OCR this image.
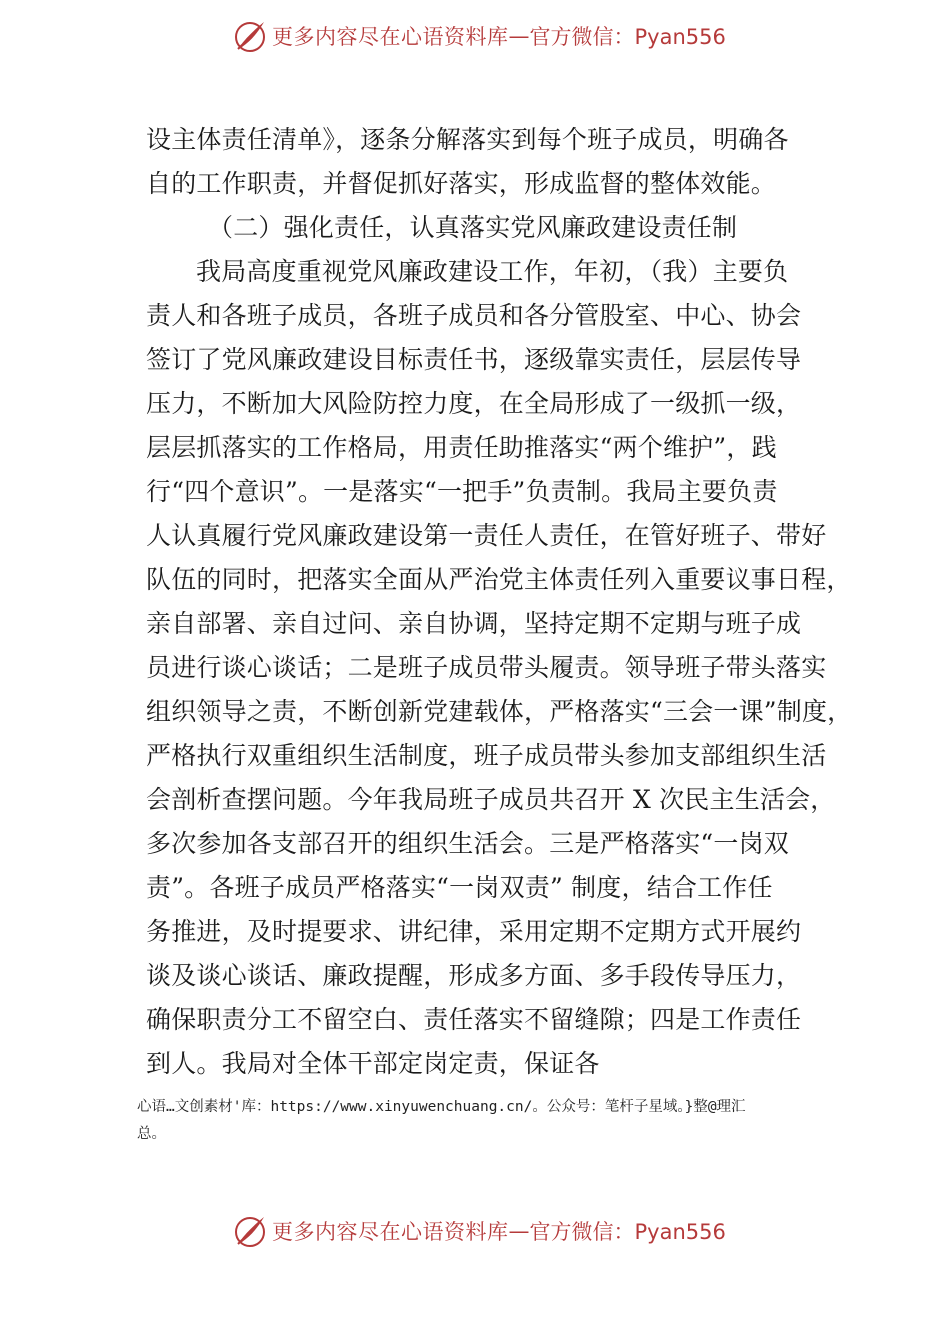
更多内容尽在心语资料库 — 官方微信：Pyan556
设主体责任清单》，逐条分解落实到每个班子成员，明确各
自的工作职责，并督促抓好落实，形成监督的整体效能。
（二）强化责任，认真落实党风廉政建设责任制
我局高度重视党风廉政建设工作，年初，（我）主要负
责人和各班子成员，各班子成员和各分管股室、中心、协会
签订了党风廉政建设目标责任书，逐级靠实责任，层层传导
压力，不断加大风险防控力度，在全局形成了一级抓一级，
层层抓落实的工作格局，用责任助推落实“两个维护”，践
行“四个意识”。一是落实“一把手”负责制。我局主要负责
人认真履行党风廉政建设第一责任人责任，在管好班子、带好
队伍的同时，把落实全面从严治党主体责任列入重要议事日程，
亲自部署、亲自过问、亲自协调，坚持定期不定期与班子成
员进行谈心谈话；二是班子成员带头履责。领导班子带头落实
组织领导之责，不断创新党建载体，严格落实“三会一课”制度，
严格执行双重组织生活制度，班子成员带头参加支部组织生活
会剖析查摆问题。今年我局班子成员共召开 X 次民主生活会，
多次参加各支部召开的组织生活会。三是严格落实“一岗双
责”。各班子成员严格落实“一岗双责” 制度，结合工作任
务推进，及时提要求、讲纪律，采用定期不定期方式开展约
谈及谈心谈话、廉政提醒，形成多方面、多手段传导压力，
确保职责分工不留空白、责任落实不留缝隙；四是工作责任
到人。我局对全体干部定岗定责，保证各
心语…文创素材'库：https://www.xinyuwenchuang.cn/。公众号：笔杆子星域。}整@理汇
总。
更多内容尽在心语资料库 — 官方微信：Pyan556
